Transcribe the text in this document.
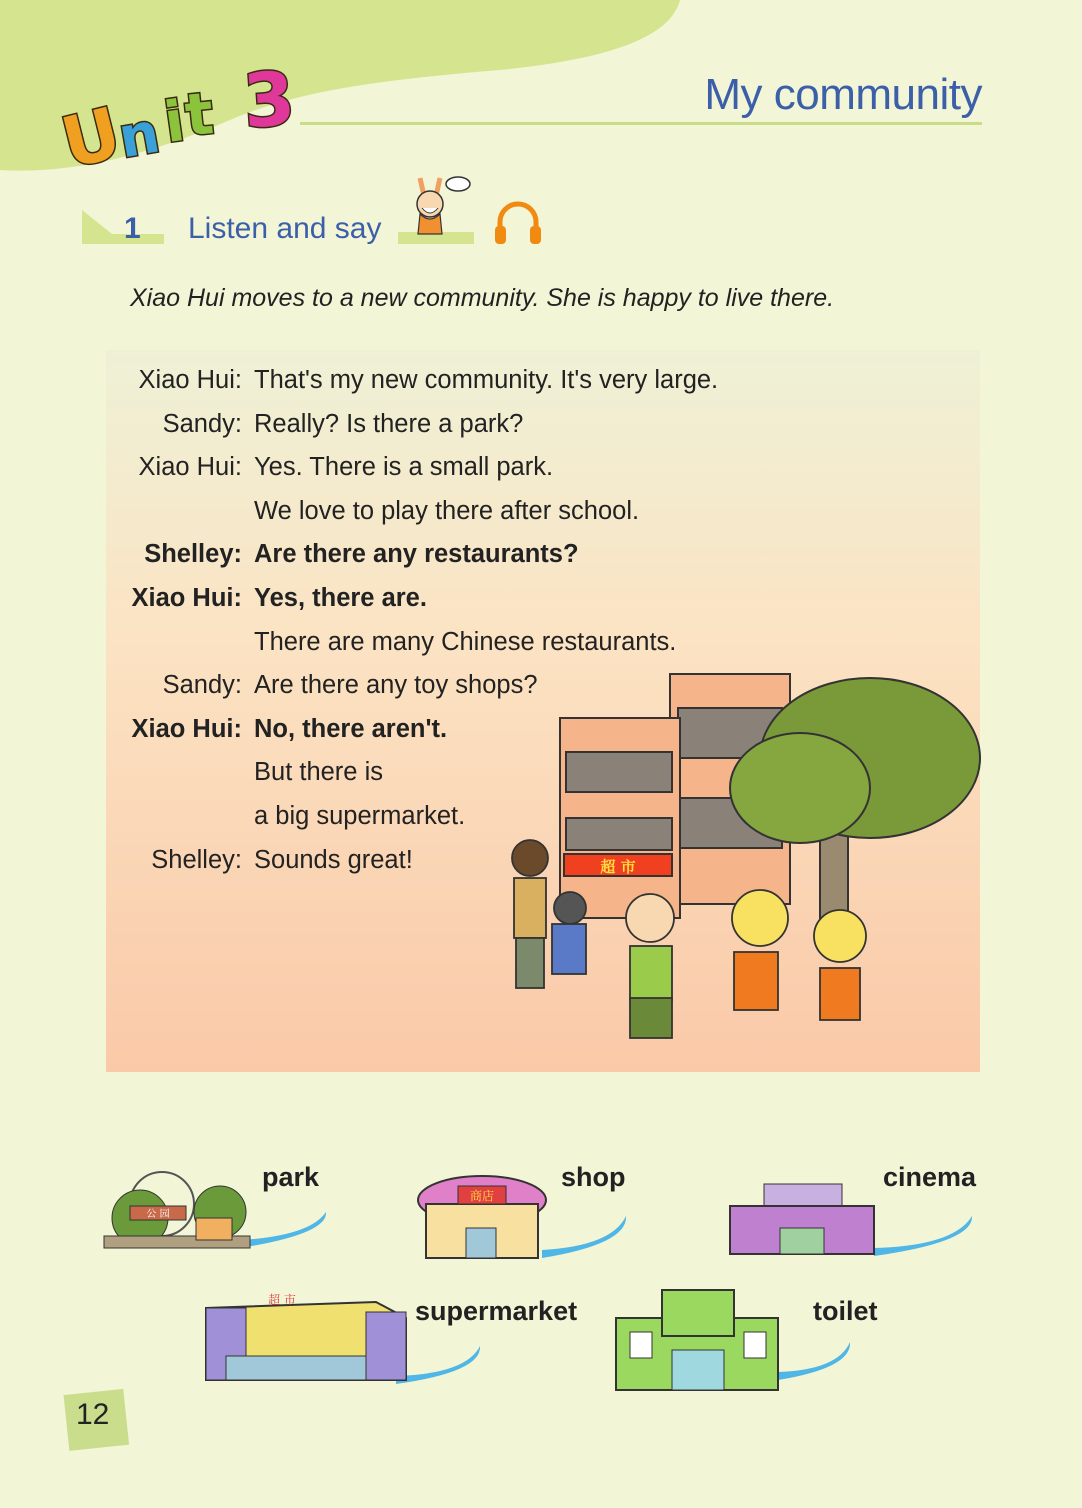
U
n
i
t 3	My community
1 Listen and say
Xiao Hui moves to a new community. She is happy to live there.
Xiao Hui: That's my new community. It's very large.
Sandy: Really? Is there a park?
Xiao Hui: Yes. There is a small park.
We love to play there after school.
Shelley: Are there any restaurants?
Xiao Hui: Yes, there are.
There are many Chinese restaurants.
Sandy: Are there any toy shops?
Xiao Hui: No, there aren't.
But there is
a big supermarket.
Shelley: Sounds great!	超 市
公 园
park
商店
shop	cinema
超 市	supermarket	toilet
12
